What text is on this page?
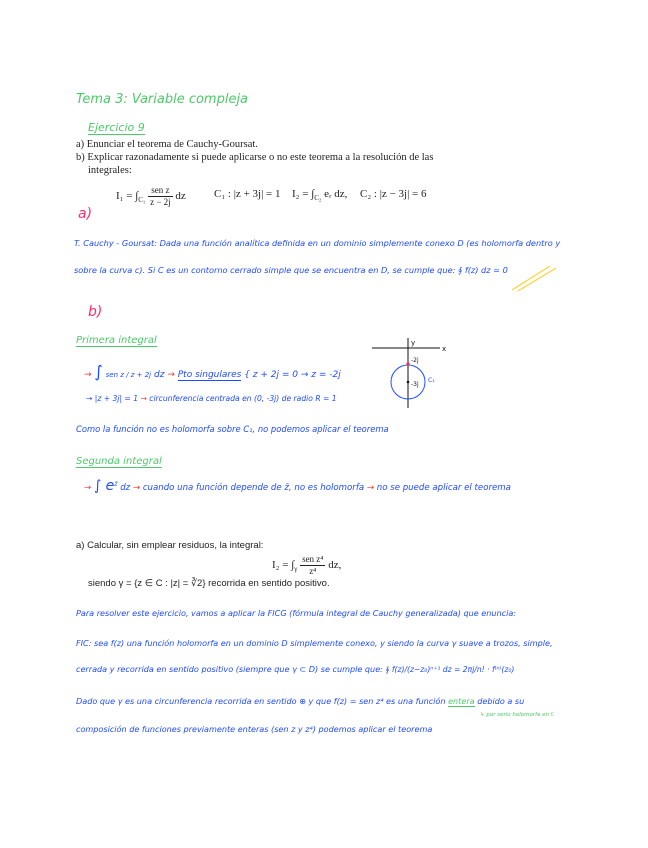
Tema 3: Variable compleja
Ejercicio 9
a) Enunciar el teorema de Cauchy-Goursat.
b) Explicar razonadamente si puede aplicarse o no este teorema a la resolución de las
integrales:
$I_1 = \int_{C_1}$
sen z
z − 2j dz	C₁ : |z + 3j| = 1 $I_2 = \int_{C_2}$ eᵣ dz, C₂ : |z − 3j| = 6
a)
T. Cauchy - Goursat: Dada una función analítica definida en un dominio simplemente conexo D (es holomorfa dentro y
sobre la curva c). Si C es un contorno cerrado simple que se encuentra en D, se cumple que: ∮ f(z) dz = 0
b)
Primera integral
→ ∫ sen z / z + 2j dz → Pto singulares { z + 2j = 0 → z = -2j
→ |z + 3j| = 1 → circunferencia centrada en (0, -3j) de radio R = 1
Como la función no es holomorfa sobre C₁, no podemos aplicar el teorema
x
y
-2j
-3j
C₁
Segunda integral
→ ∫ $e^{z̄}$ dz → cuando una función depende de z̄, no es holomorfa → no se puede aplicar el teorema
a) Calcular, sin emplear residuos, la integral:
$I_2 = \int_\gamma$
sen z⁴
z⁴	dz,
siendo γ = {z ∈ C : |z| = ∛2} recorrida en sentido positivo.
Para resolver este ejercicio, vamos a aplicar la FICG (fórmula integral de Cauchy generalizada) que enuncia:
FIC: sea f(z) una función holomorfa en un dominio D simplemente conexo, y siendo la curva γ suave a trozos, simple,
cerrada y recorrida en sentido positivo (siempre que γ ⊂ D) se cumple que: ∮ f(z)/(z−z₀)ⁿ⁺¹ dz = 2πj/n! · f⁽ⁿ⁾(z₀)
Dado que γ es una circunferencia recorrida en sentido ⊕ y que f(z) = sen z⁴ es una función entera debido a su
↳ por serlo holomorfa en ℂ
composición de funciones previamente enteras (sen z y z⁴) podemos aplicar el teorema
